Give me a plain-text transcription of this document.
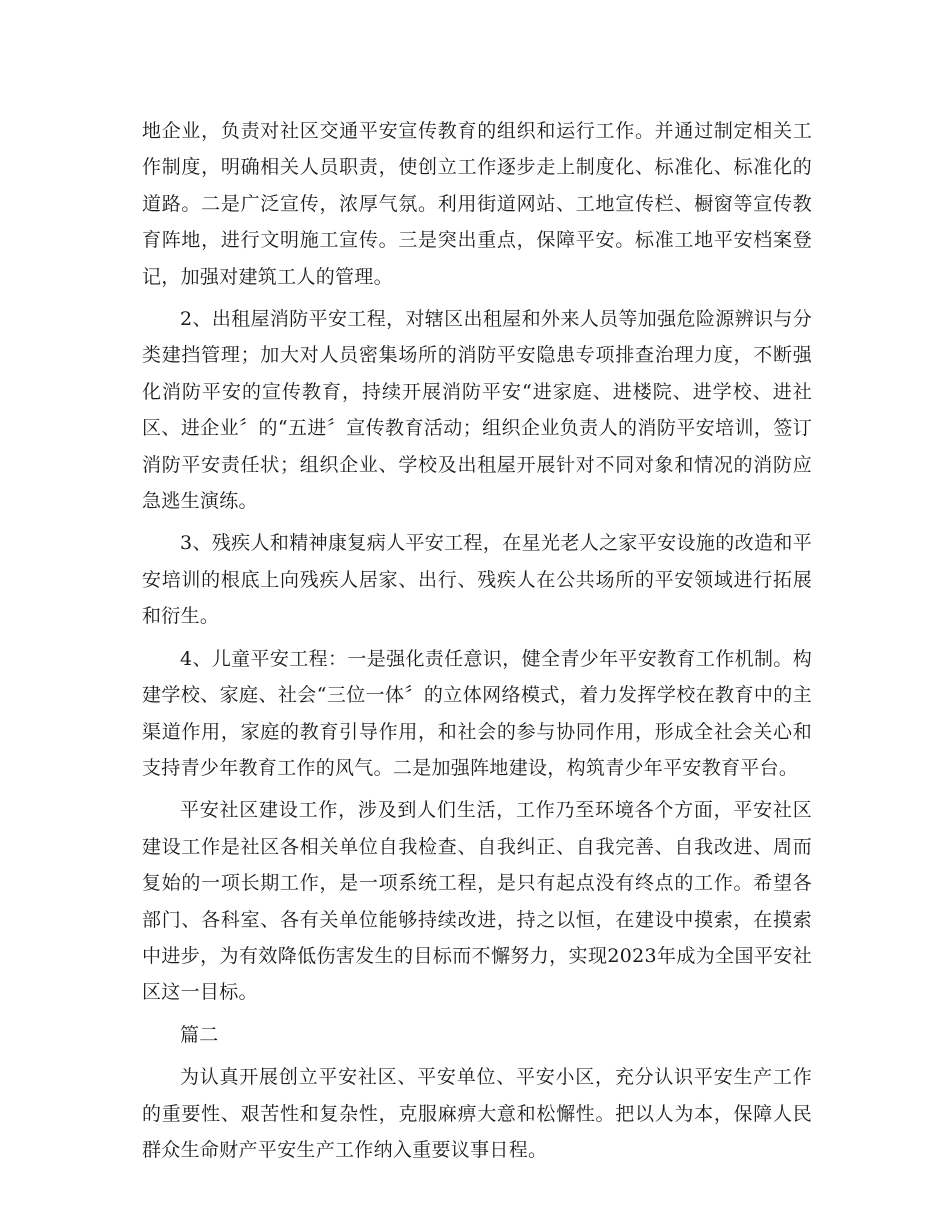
地企业，负责对社区交通平安宣传教育的组织和运行工作。并通过制定相关工作制度，明确相关人员职责，使创立工作逐步走上制度化、标准化、标准化的道路。二是广泛宣传，浓厚气氛。利用街道网站、工地宣传栏、橱窗等宣传教育阵地，进行文明施工宣传。三是突出重点，保障平安。标准工地平安档案登记，加强对建筑工人的管理。

2、出租屋消防平安工程，对辖区出租屋和外来人员等加强危险源辨识与分类建挡管理；加大对人员密集场所的消防平安隐患专项排查治理力度，不断强化消防平安的宣传教育，持续开展消防平安“进家庭、进楼院、进学校、进社区、进企业〞的“五进〞宣传教育活动；组织企业负责人的消防平安培训，签订消防平安责任状；组织企业、学校及出租屋开展针对不同对象和情况的消防应急逃生演练。

3、残疾人和精神康复病人平安工程，在星光老人之家平安设施的改造和平安培训的根底上向残疾人居家、出行、残疾人在公共场所的平安领域进行拓展和衍生。

4、儿童平安工程：一是强化责任意识，健全青少年平安教育工作机制。构建学校、家庭、社会“三位一体〞的立体网络模式，着力发挥学校在教育中的主渠道作用，家庭的教育引导作用，和社会的参与协同作用，形成全社会关心和支持青少年教育工作的风气。二是加强阵地建设，构筑青少年平安教育平台。

平安社区建设工作，涉及到人们生活，工作乃至环境各个方面，平安社区建设工作是社区各相关单位自我检查、自我纠正、自我完善、自我改进、周而复始的一项长期工作，是一项系统工程，是只有起点没有终点的工作。希望各部门、各科室、各有关单位能够持续改进，持之以恒，在建设中摸索，在摸索中进步，为有效降低伤害发生的目标而不懈努力，实现2023年成为全国平安社区这一目标。

篇二

为认真开展创立平安社区、平安单位、平安小区，充分认识平安生产工作的重要性、艰苦性和复杂性，克服麻痹大意和松懈性。把以人为本，保障人民群众生命财产平安生产工作纳入重要议事日程。
